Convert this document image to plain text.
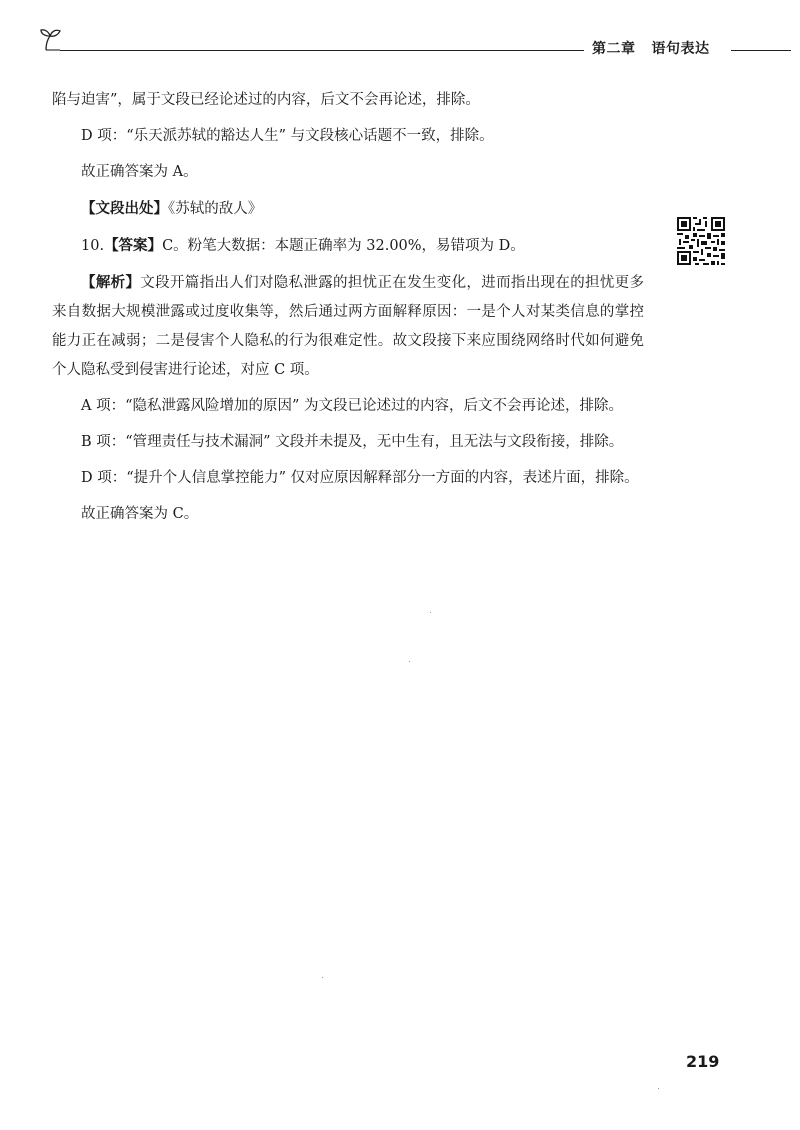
第二章 语句表达

陷与迫害”，属于文段已经论述过的内容，后文不会再论述，排除。

D 项：“乐天派苏轼的豁达人生” 与文段核心话题不一致，排除。

故正确答案为 A。

【文段出处】《苏轼的敌人》

10.【答案】C。粉笔大数据：本题正确率为 32.00%，易错项为 D。

【解析】文段开篇指出人们对隐私泄露的担忧正在发生变化，进而指出现在的担忧更多来自数据大规模泄露或过度收集等，然后通过两方面解释原因：一是个人对某类信息的掌控能力正在减弱；二是侵害个人隐私的行为很难定性。故文段接下来应围绕网络时代如何避免个人隐私受到侵害进行论述，对应 C 项。

A 项：“隐私泄露风险增加的原因” 为文段已论述过的内容，后文不会再论述，排除。

B 项：“管理责任与技术漏洞” 文段并未提及，无中生有，且无法与文段衔接，排除。

D 项：“提升个人信息掌控能力” 仅对应原因解释部分一方面的内容，表述片面，排除。

故正确答案为 C。

219
